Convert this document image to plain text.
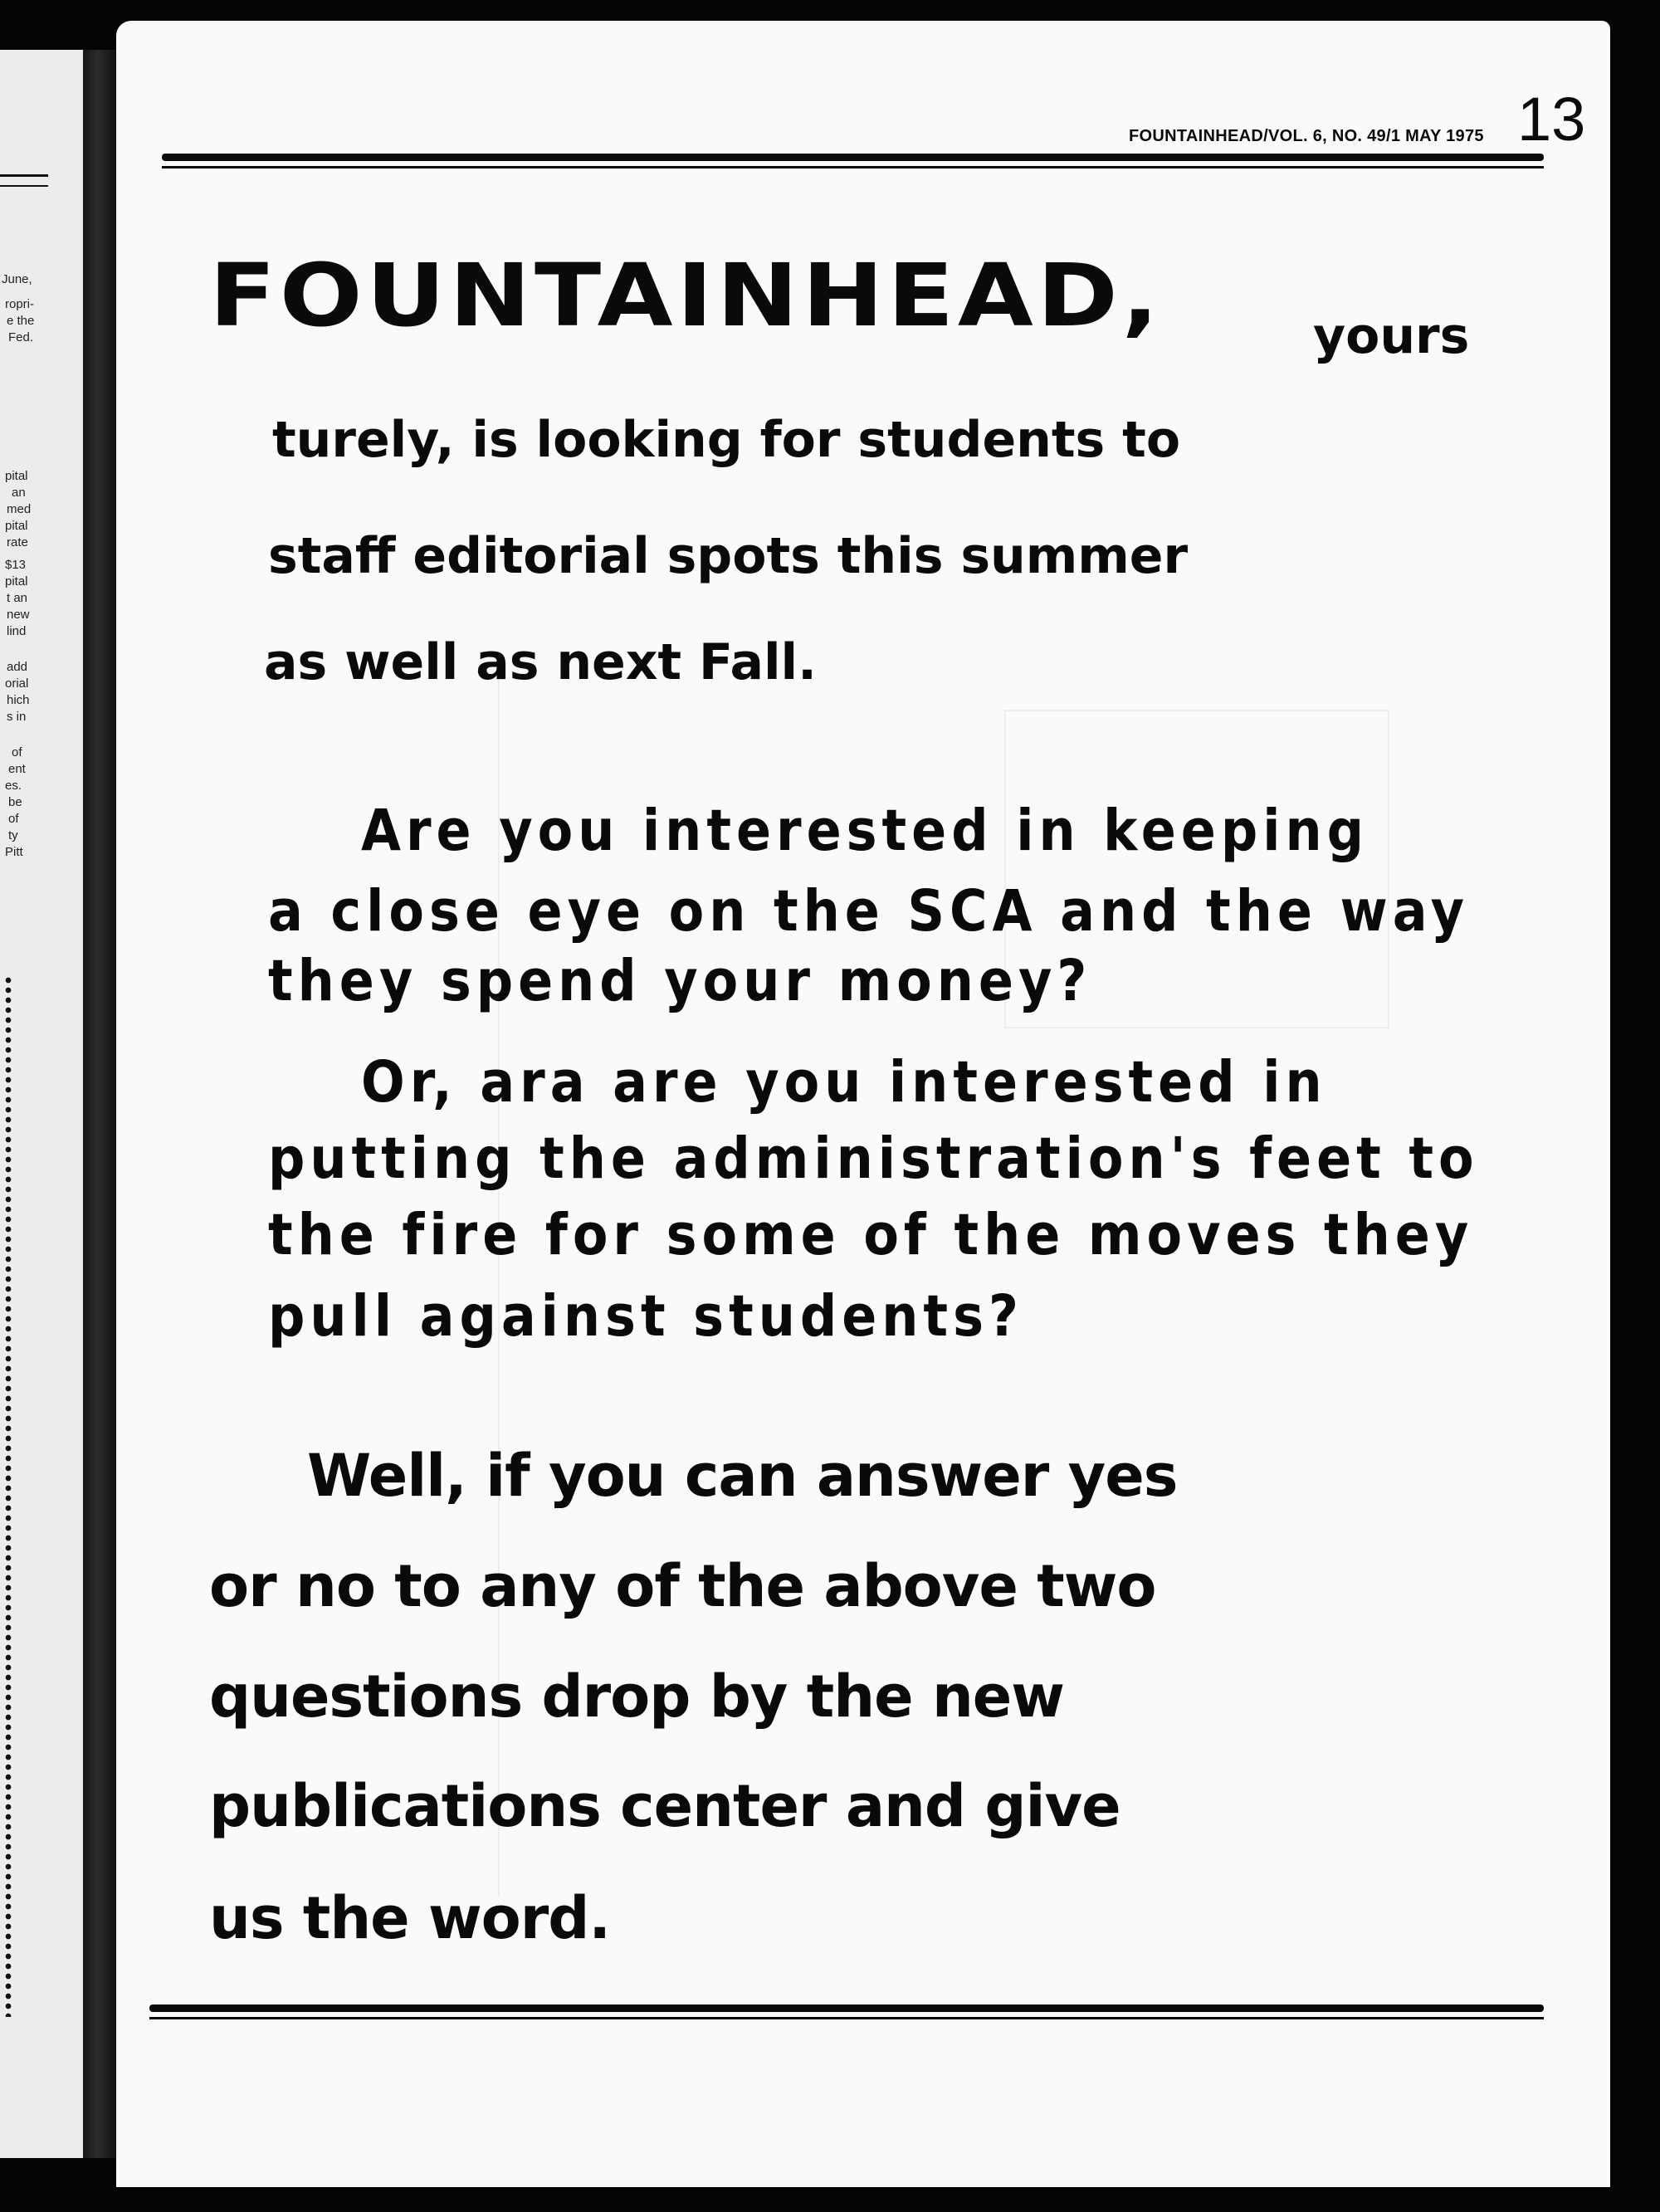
June,
ropri-
e the
Fed.
pital
an
med
pital
rate
$13
pital
t an
new
lind
add
orial
hich
s in
of
ent
es.
be
of
ty
Pitt
FOUNTAINHEAD/VOL. 6, NO. 49/1 MAY 1975 13
FOUNTAINHEAD,	yours
turely, is looking for students to
staff editorial spots this summer
as well as next Fall.
Are you interested in keeping
a close eye on the SCA and the way
they spend your money?
Or, ara are you interested in
putting the administration's feet to
the fire for some of the moves they
pull against students?
Well, if you can answer yes
or no to any of the above two
questions drop by the new
publications center and give
us the word.
